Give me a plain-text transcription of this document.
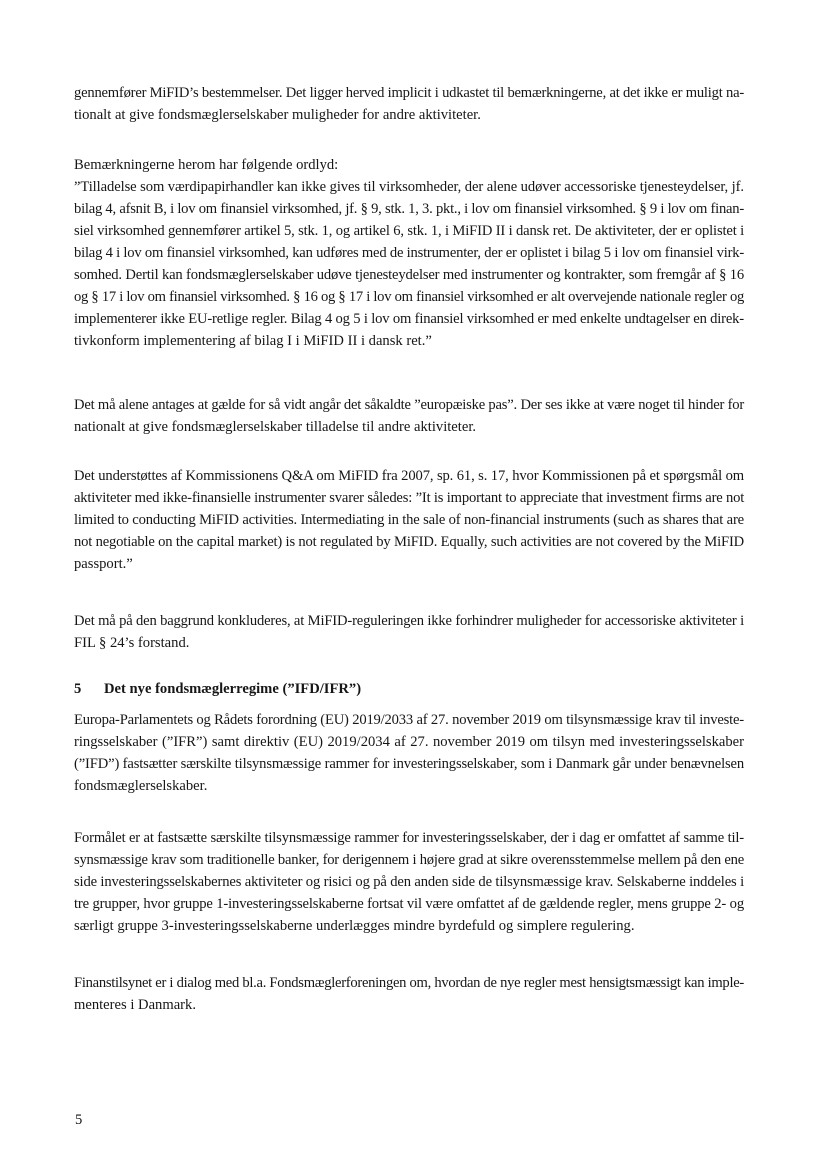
gennemfører MiFID’s bestemmelser. Det ligger herved implicit i udkastet til bemærkningerne, at det ikke er muligt na-
tionalt at give fondsmæglerselskaber muligheder for andre aktiviteter.
Bemærkningerne herom har følgende ordlyd:
”Tilladelse som værdipapirhandler kan ikke gives til virksomheder, der alene udøver accessoriske tjenesteydelser, jf.
bilag 4, afsnit B, i lov om finansiel virksomhed, jf. § 9, stk. 1, 3. pkt., i lov om finansiel virksomhed. § 9 i lov om finan-
siel virksomhed gennemfører artikel 5, stk. 1, og artikel 6, stk. 1, i MiFID II i dansk ret. De aktiviteter, der er oplistet i
bilag 4 i lov om finansiel virksomhed, kan udføres med de instrumenter, der er oplistet i bilag 5 i lov om finansiel virk-
somhed. Dertil kan fondsmæglerselskaber udøve tjenesteydelser med instrumenter og kontrakter, som fremgår af § 16
og § 17 i lov om finansiel virksomhed. § 16 og § 17 i lov om finansiel virksomhed er alt overvejende nationale regler og
implementerer ikke EU-retlige regler. Bilag 4 og 5 i lov om finansiel virksomhed er med enkelte undtagelser en direk-
tivkonform implementering af bilag I i MiFID II i dansk ret.”
Det må alene antages at gælde for så vidt angår det såkaldte ”europæiske pas”. Der ses ikke at være noget til hinder for
nationalt at give fondsmæglerselskaber tilladelse til andre aktiviteter.
Det understøttes af Kommissionens Q&A om MiFID fra 2007, sp. 61, s. 17, hvor Kommissionen på et spørgsmål om
aktiviteter med ikke-finansielle instrumenter svarer således: ”It is important to appreciate that investment firms are not
limited to conducting MiFID activities. Intermediating in the sale of non-financial instruments (such as shares that are
not negotiable on the capital market) is not regulated by MiFID. Equally, such activities are not covered by the MiFID
passport.”
Det må på den baggrund konkluderes, at MiFID-reguleringen ikke forhindrer muligheder for accessoriske aktiviteter i
FIL § 24’s forstand.
5 Det nye fondsmæglerregime (”IFD/IFR”)
Europa-Parlamentets og Rådets forordning (EU) 2019/2033 af 27. november 2019 om tilsynsmæssige krav til investe-
ringsselskaber (”IFR”) samt direktiv (EU) 2019/2034 af 27. november 2019 om tilsyn med investeringsselskaber
(”IFD”) fastsætter særskilte tilsynsmæssige rammer for investeringsselskaber, som i Danmark går under benævnelsen
fondsmæglerselskaber.
Formålet er at fastsætte særskilte tilsynsmæssige rammer for investeringsselskaber, der i dag er omfattet af samme til-
synsmæssige krav som traditionelle banker, for derigennem i højere grad at sikre overensstemmelse mellem på den ene
side investeringsselskabernes aktiviteter og risici og på den anden side de tilsynsmæssige krav. Selskaberne inddeles i
tre grupper, hvor gruppe 1-investeringsselskaberne fortsat vil være omfattet af de gældende regler, mens gruppe 2- og
særligt gruppe 3-investeringsselskaberne underlægges mindre byrdefuld og simplere regulering.
Finanstilsynet er i dialog med bl.a. Fondsmæglerforeningen om, hvordan de nye regler mest hensigtsmæssigt kan imple-
menteres i Danmark.
5
